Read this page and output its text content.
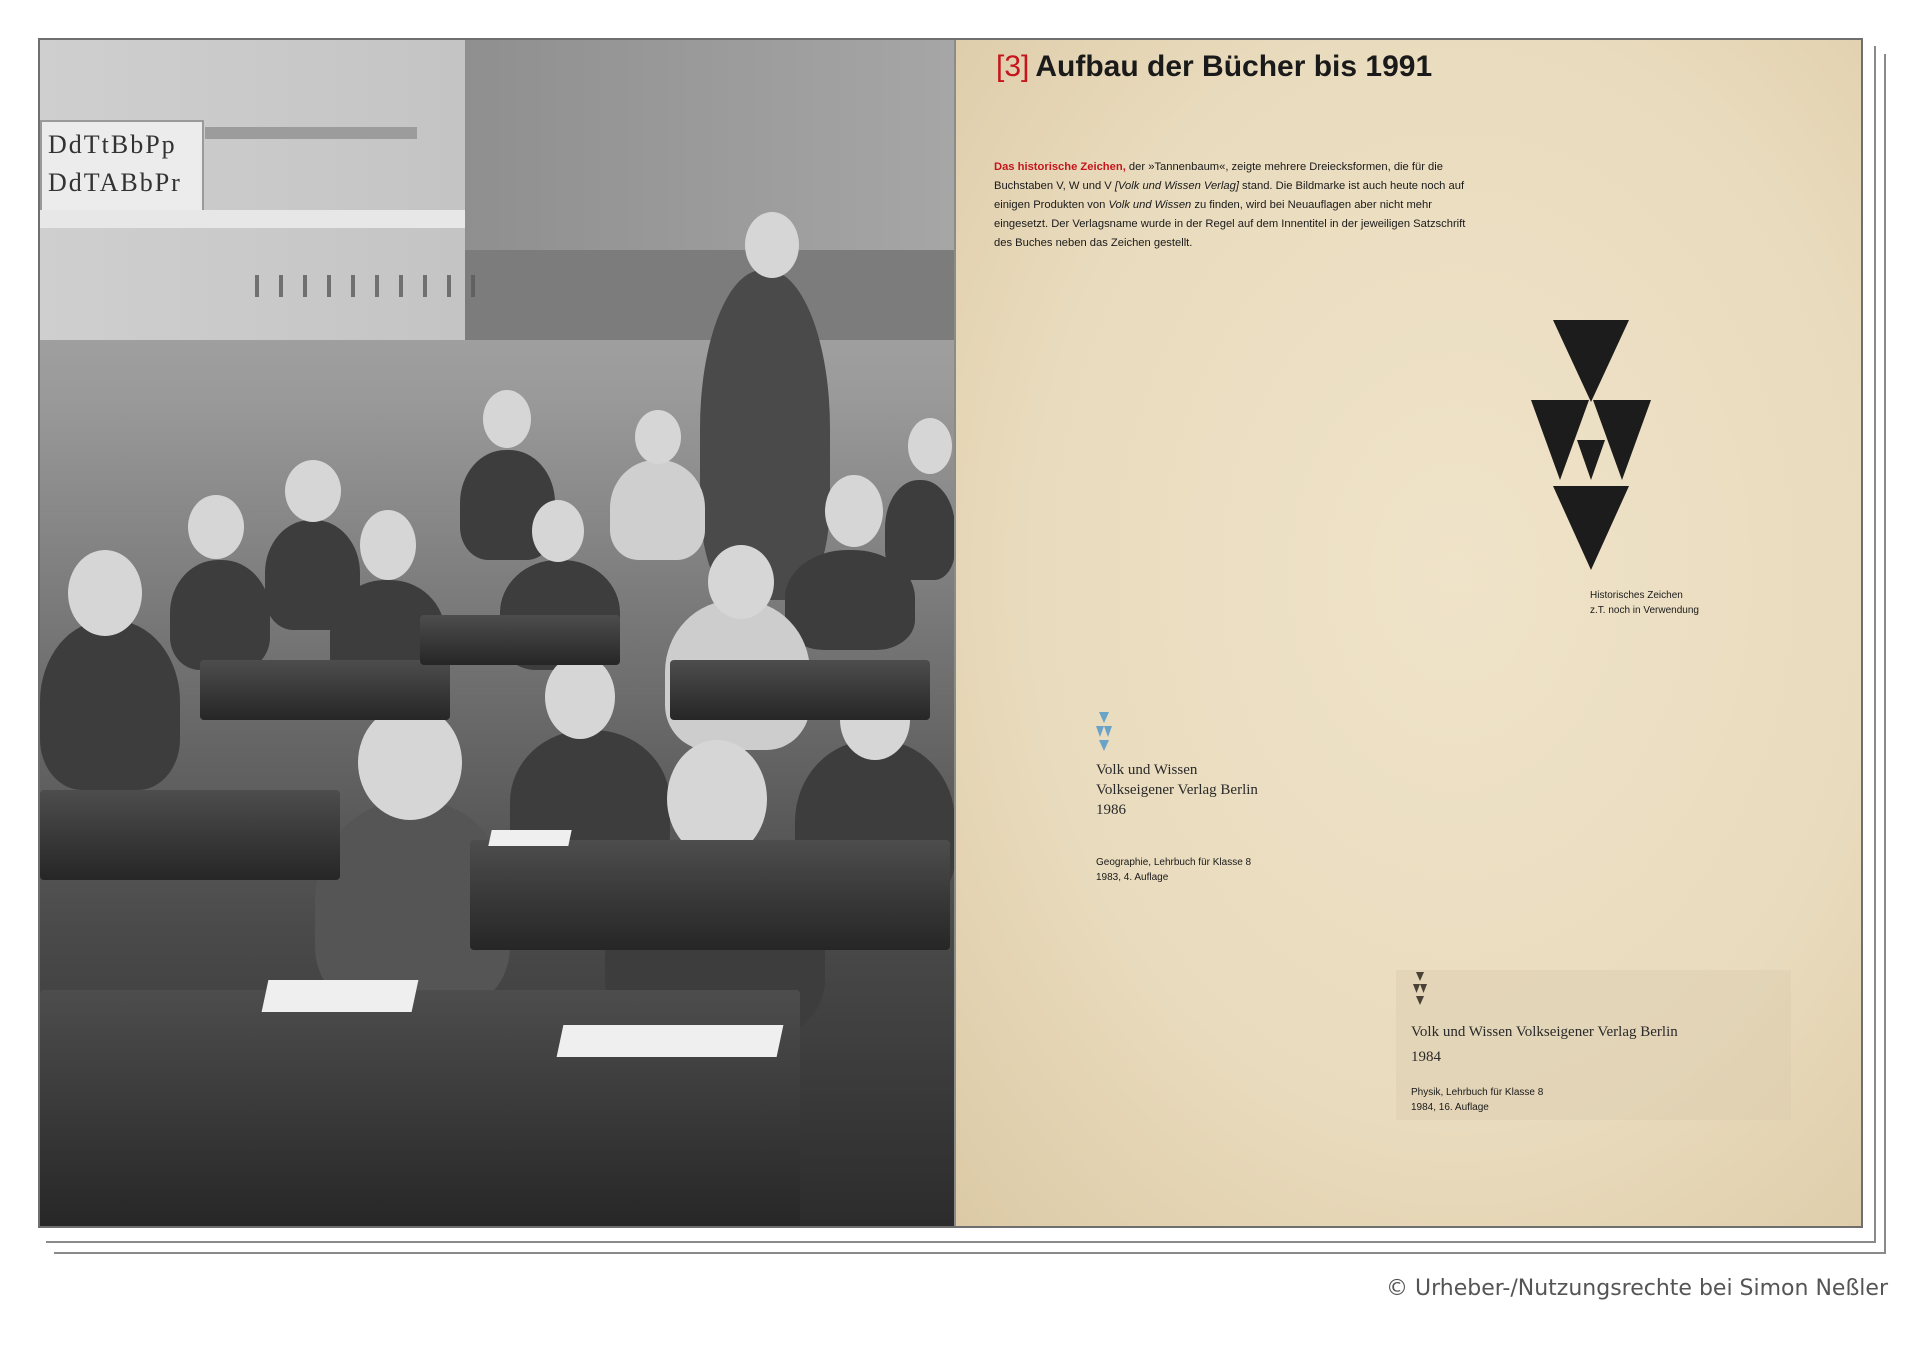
DdTtBbPp
DdTABbPr
[3] Aufbau der Bücher bis 1991
Das historische Zeichen, der »Tannenbaum«, zeigte mehrere Dreiecksformen, die für die Buchstaben V, W und V [Volk und Wissen Verlag] stand. Die Bildmarke ist auch heute noch auf einigen Produkten von Volk und Wissen zu finden, wird bei Neuauflagen aber nicht mehr eingesetzt. Der Verlagsname wurde in der Regel auf dem Innentitel in der jeweiligen Satzschrift des Buches neben das Zeichen gestellt.
Historisches Zeichen
z.T. noch in Verwendung
Volk und Wissen
Volkseigener Verlag Berlin
1986
Geographie, Lehrbuch für Klasse 8
1983, 4. Auflage
Volk und Wissen Volkseigener Verlag Berlin
1984
Physik, Lehrbuch für Klasse 8
1984, 16. Auflage
© Urheber-/Nutzungsrechte bei Simon Neßler
